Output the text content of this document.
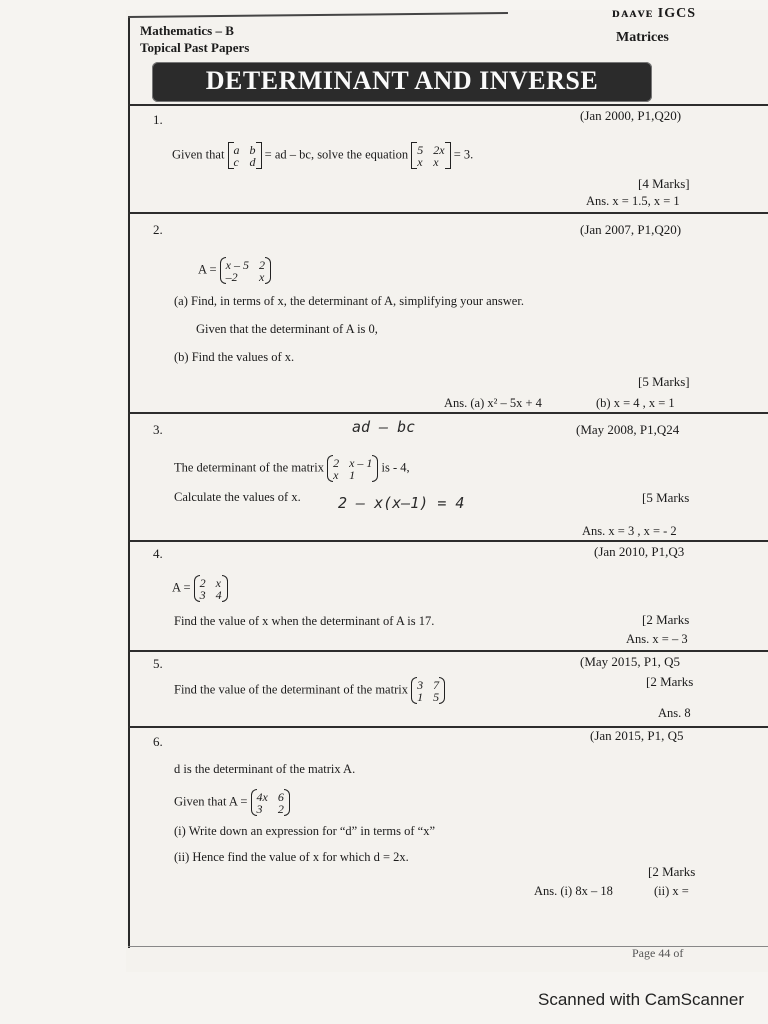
Mathematics – B
Topical Past Papers
ᴅᴀᴀᴠᴇ IGCS
Matrices
DETERMINANT AND INVERSE
1.	(Jan 2000, P1,Q20)
Given that a b
c d
= ad – bc, solve the equation 5 2x
x x
= 3.
[4 Marks]
Ans. x = 1.5, x = 1
2.	(Jan 2007, P1,Q20)
A = x – 5 2
–2	x
(a) Find, in terms of x, the determinant of A, simplifying your answer.
Given that the determinant of A is 0,
(b) Find the values of x.
[5 Marks]
Ans. (a) x² – 5x + 4	(b) x = 4 , x = 1
3.	ad – bc	(May 2008, P1,Q24
The determinant of the matrix 2 x – 1
x 1
is - 4,
Calculate the values of x. 2 – x(x–1) = 4	[5 Marks
Ans. x = 3 , x = - 2
4.	(Jan 2010, P1,Q3
A = 2 x
3 4
Find the value of x when the determinant of A is 17.	[2 Marks
Ans. x = – 3
5.	(May 2015, P1, Q5
Find the value of the determinant of the matrix 3 7
1 5
[2 Marks
Ans. 8
6.	(Jan 2015, P1, Q5
d is the determinant of the matrix A.
Given that A = 4x 6
3	2
(i) Write down an expression for “d” in terms of “x”
(ii) Hence find the value of x for which d = 2x.
[2 Marks
Ans. (i) 8x – 18	(ii) x =
Page 44 of
Scanned with CamScanner
